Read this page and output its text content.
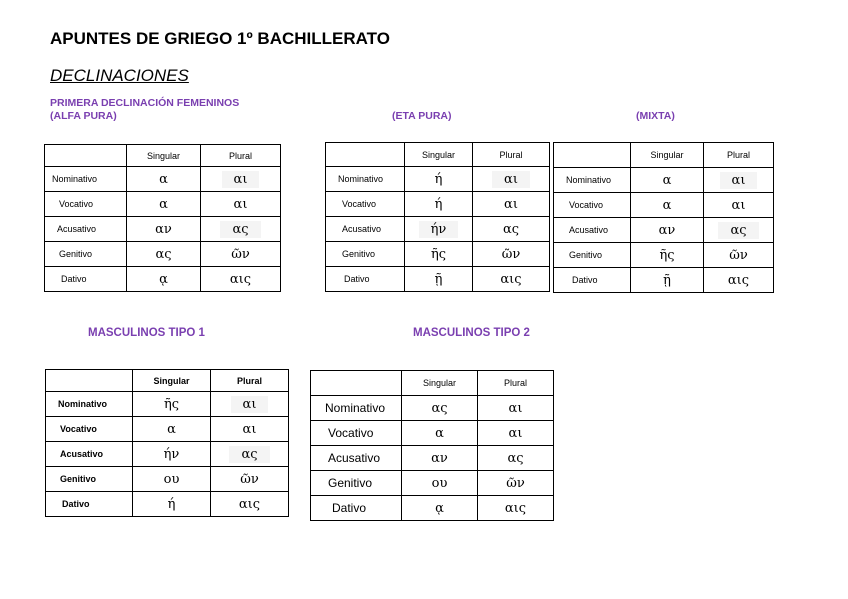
APUNTES DE GRIEGO 1º BACHILLERATO
DECLINACIONES
PRIMERA DECLINACIÓN FEMENINOS
(ALFA PURA)	(ETA PURA)	(MIXTA)
MASCULINOS TIPO 1	MASCULINOS TIPO 2
	Singular	Plural
Nominativo	α	αι
Vocativo	α	αι
Acusativo	αν	ας
Genitivo	ας	ῶν
Dativo	ᾳ	αις
	Singular	Plural
Nominativo	ή	αι
Vocativo	ή	αι
Acusativo	ήν	ας
Genitivo	ῆς	ῶν
Dativo	ῇ	αις
	Singular	Plural
Nominativo	α	αι
Vocativo	α	αι
Acusativo	αν	ας
Genitivo	ῆς	ῶν
Dativo	ῇ	αις
	Singular	Plural
Nominativo	ῆς	αι
Vocativo	α	αι
Acusativo	ήν	ας
Genitivo	ου	ῶν
Dativo	ή	αις
	Singular	Plural
Nominativo	ας	αι
Vocativo	α	αι
Acusativo	αν	ας
Genitivo	ου	ῶν
Dativo	ᾳ	αις
